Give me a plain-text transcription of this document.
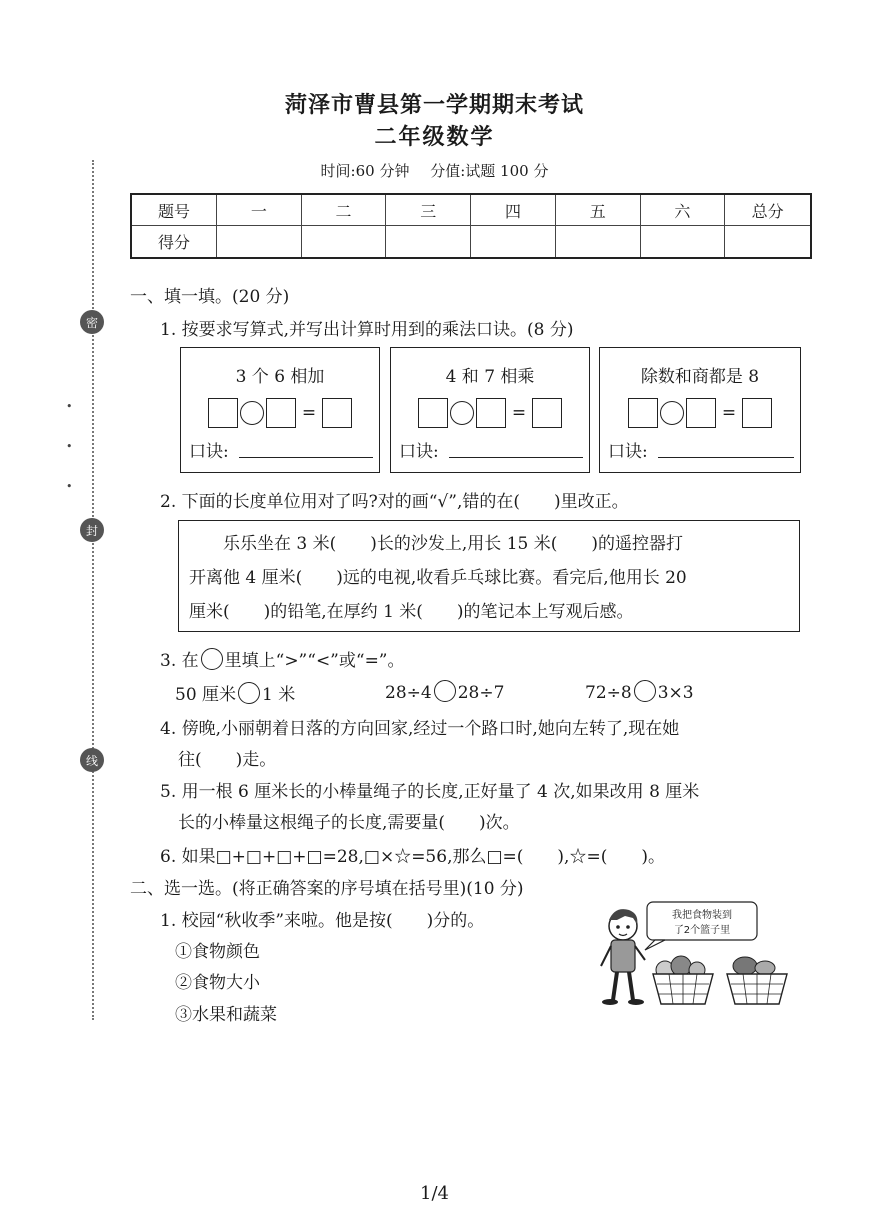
菏泽市曹县第一学期期末考试
二年级数学
时间:60 分钟 分值:试题 100 分
题号	一	二	三	四	五	六	总分
得分
密
封
线
•
•
•
一、填一填。(20 分)
1. 按要求写算式,并写出计算时用到的乘法口诀。(8 分)
3 个 6 相加
=
口诀:
4 和 7 相乘
=
口诀:
除数和商都是 8
=
口诀:
2. 下面的长度单位用对了吗?对的画“√”,错的在(　　)里改正。
乐乐坐在 3 米(　　)长的沙发上,用长 15 米(　　)的遥控器打
开离他 4 厘米(　　)远的电视,收看乒乓球比赛。看完后,他用长 20
厘米(　　)的铅笔,在厚约 1 米(　　)的笔记本上写观后感。
3. 在 里填上“>”“<”或“=”。
50 厘米 1 米	28÷4 28÷7	72÷8 3×3
4. 傍晚,小丽朝着日落的方向回家,经过一个路口时,她向左转了,现在她
往(　　)走。
5. 用一根 6 厘米长的小棒量绳子的长度,正好量了 4 次,如果改用 8 厘米
长的小棒量这根绳子的长度,需要量(　　)次。
6. 如果□+□+□+□=28,□×☆=56,那么□=(　　),☆=(　　)。
二、选一选。(将正确答案的序号填在括号里)(10 分)
1. 校园“秋收季”来啦。他是按(　　)分的。
①食物颜色
②食物大小
③水果和蔬菜
我把食物装到
了2个篮子里
1/4
